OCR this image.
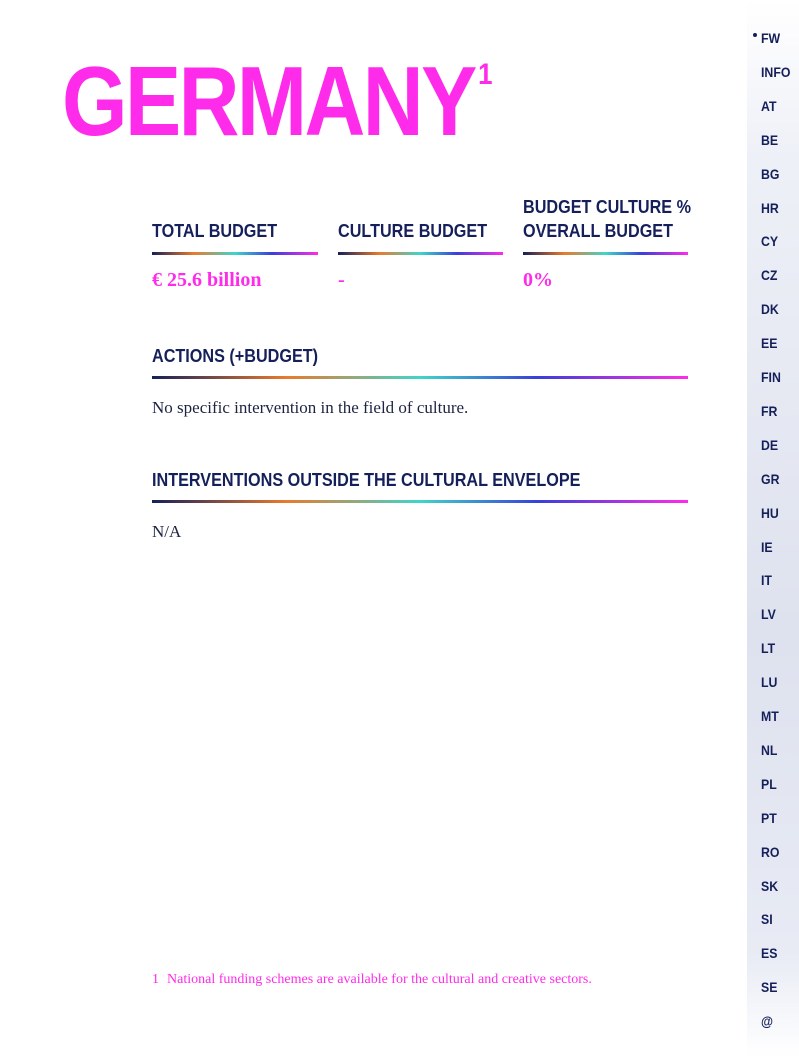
GERMANY $^1$
TOTAL BUDGET
€ 25.6 billion
CULTURE BUDGET
-
BUDGET CULTURE %
OVERALL BUDGET
0%
ACTIONS (+BUDGET)
No specific intervention in the field of culture.
INTERVENTIONS OUTSIDE THE CULTURAL ENVELOPE
N/A
1 National funding schemes are available for the cultural and creative sectors.
FW
INFO
AT
BE
BG
HR
CY
CZ
DK
EE
FIN
FR
DE
GR
HU
IE
IT
LV
LT
LU
MT
NL
PL
PT
RO
SK
SI
ES
SE
@
